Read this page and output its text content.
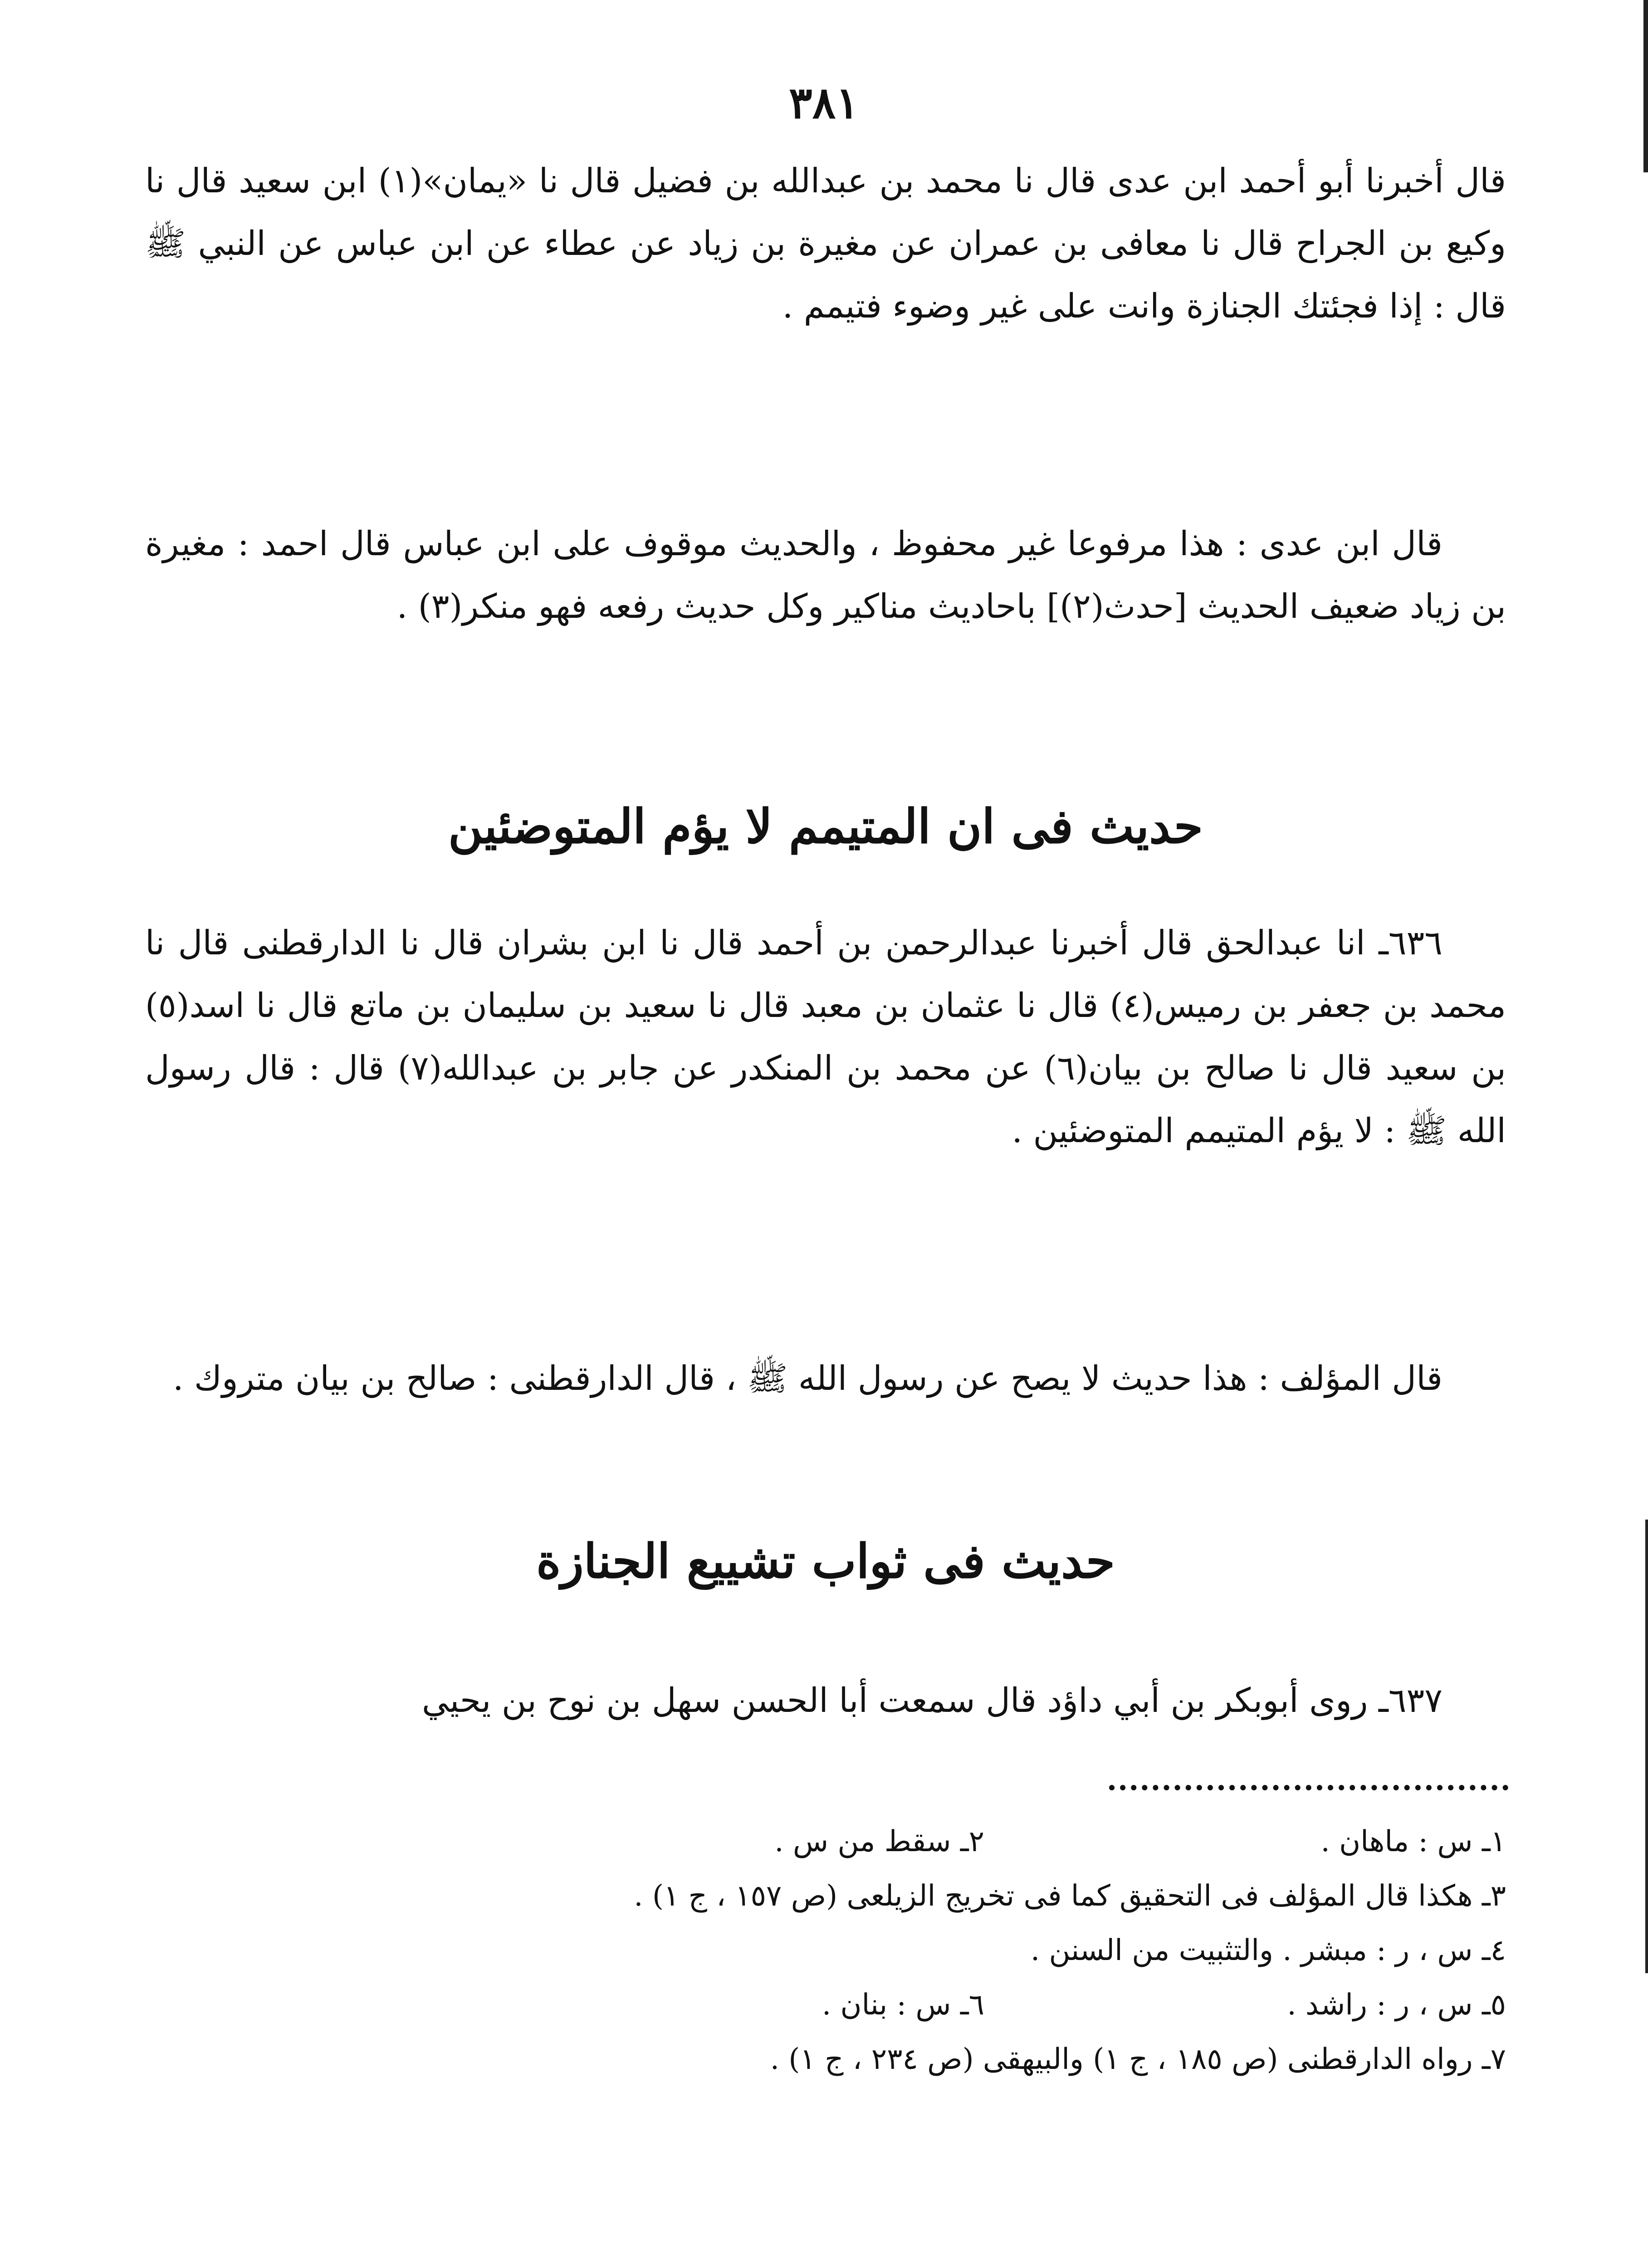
٣٨١

قال أخبرنا أبو أحمد ابن عدى قال نا محمد بن عبدالله بن فضيل قال نا «يمان»(١) ابن سعيد قال نا وكيع بن الجراح قال نا معافى بن عمران عن مغيرة بن زياد عن عطاء عن ابن عباس عن النبي ﷺ قال : إذا فجئتك الجنازة وانت على غير وضوء فتيمم .

قال ابن عدى : هذا مرفوعا غير محفوظ ، والحديث موقوف على ابن عباس قال احمد : مغيرة بن زياد ضعيف الحديث [حدث(٢)] باحاديث مناكير وكل حديث رفعه فهو منكر(٣) .

حديث فى ان المتيمم لا يؤم المتوضئين

٦٣٦ـ انا عبدالحق قال أخبرنا عبدالرحمن بن أحمد قال نا ابن بشران قال نا الدارقطنى قال نا محمد بن جعفر بن رميس(٤) قال نا عثمان بن معبد قال نا سعيد بن سليمان بن ماتع قال نا اسد(٥) بن سعيد قال نا صالح بن بيان(٦) عن محمد بن المنكدر عن جابر بن عبدالله(٧) قال : قال رسول الله ﷺ : لا يؤم المتيمم المتوضئين .

قال المؤلف : هذا حديث لا يصح عن رسول الله ﷺ ، قال الدارقطنى : صالح بن بيان متروك .

حديث فى ثواب تشييع الجنازة

٦٣٧ـ روى أبوبكر بن أبي داؤد قال سمعت أبا الحسن سهل بن نوح بن يحيي

١ـ س : ماهان .
٢ـ سقط من س .
٣ـ هكذا قال المؤلف فى التحقيق كما فى تخريج الزيلعى (ص ١٥٧ ، ج ١) .
٤ـ س ، ر : مبشر . والتثبيت من السنن .
٥ـ س ، ر : راشد .
٦ـ س : بنان .
٧ـ رواه الدارقطنى (ص ١٨٥ ، ج ١) والبيهقى (ص ٢٣٤ ، ج ١) .
